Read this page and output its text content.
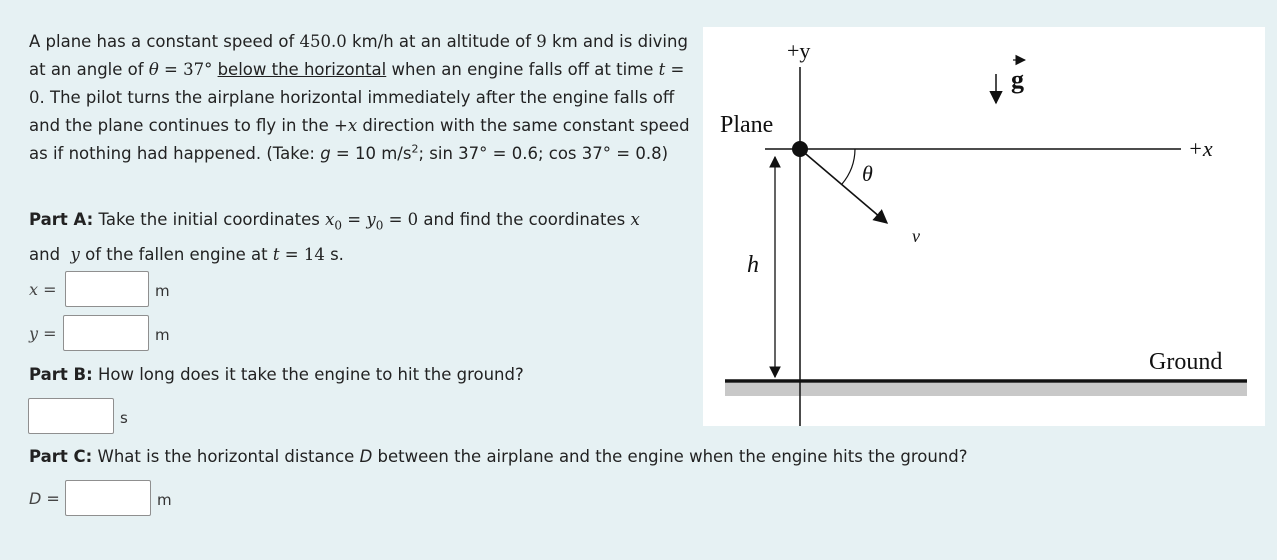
A plane has a constant speed of 450.0 km/h at an altitude of 9 km and is diving at an angle of θ = 37° below the horizontal when an engine falls off at time t = 0. The pilot turns the airplane horizontal immediately after the engine falls off and the plane continues to fly in the +x direction with the same constant speed as if nothing had happened. (Take: g = 10 $m/s^2$; sin 37° = 0.6; cos 37° = 0.8)

Part A: Take the initial coordinates $x_0 = y_0 = 0$ and find the coordinates x
and  y of the fallen engine at t = 14 s.
x =	m
y =	m
Part B: How long does it take the engine to hit the ground?
s
Part C: What is the horizontal distance D between the airplane and the engine when the engine hits the ground?
D =	m
+y
+x
Plane
θ
v
h
g
Ground
